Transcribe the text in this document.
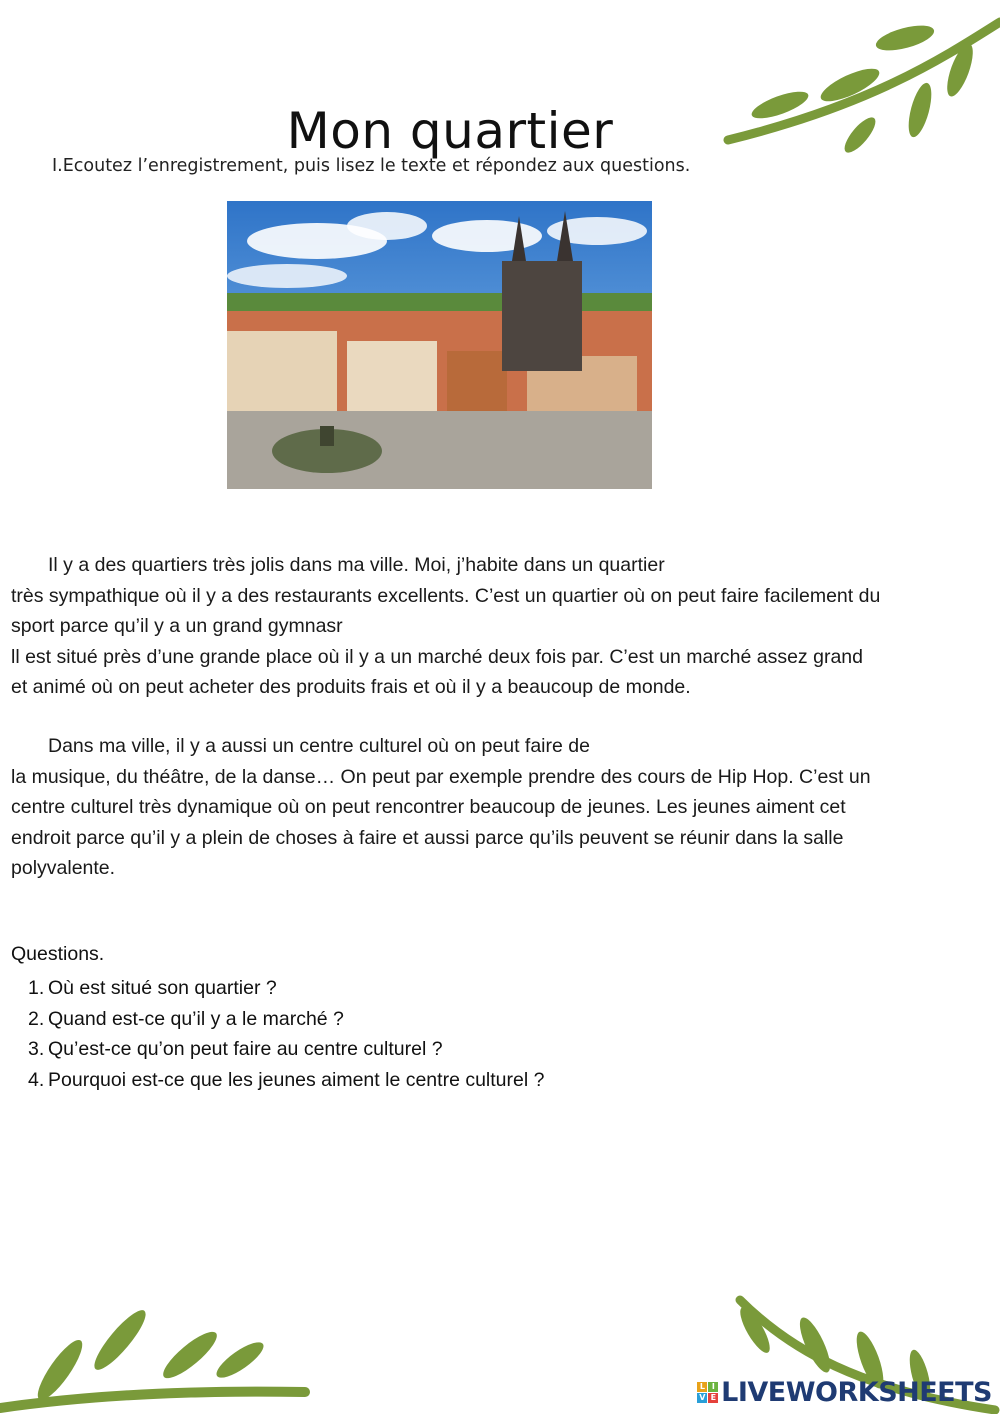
Mon quartier
I.Ecoutez l’enregistrement, puis lisez le texte et répondez aux questions.
Il y a des quartiers très jolis dans ma ville. Moi, j’habite dans un quartier
très sympathique où il y a des restaurants excellents. C’est un quartier où on peut faire facilement du
sport parce qu’il y a un grand gymnasr
ll est situé près d’une grande place où il y a un marché deux fois par. C’est un marché assez grand
et animé où on peut acheter des produits frais et où il y a beaucoup de monde.
Dans ma ville, il y a aussi un centre culturel où on peut faire de
la musique, du théâtre, de la danse… On peut par exemple prendre des cours de Hip Hop. C’est un
centre culturel très dynamique où on peut rencontrer beaucoup de jeunes. Les jeunes aiment cet
endroit parce qu’il y a plein de choses à faire et aussi parce qu’ils peuvent se réunir dans la salle
polyvalente.
Questions.
1. Où est situé son quartier ?
2. Quand est-ce qu’il y a le marché ?
3. Qu’est-ce qu’on peut faire au centre culturel ?
4. Pourquoi est-ce que les jeunes aiment le centre culturel ?
L I
V E LIVEWORKSHEETS
